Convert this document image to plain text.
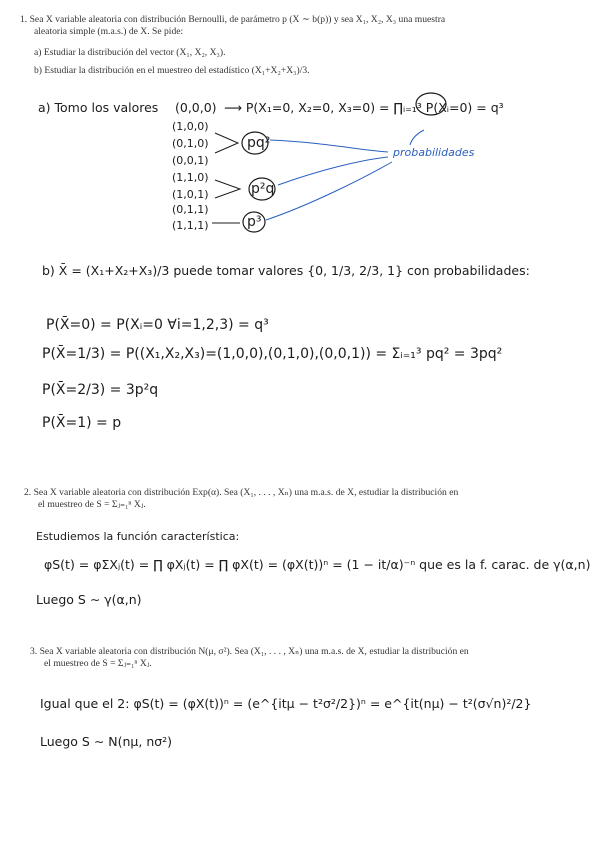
1. Sea X variable aleatoria con distribución Bernoulli, de parámetro p (X ∼ b(p)) y sea X₁, X₂, X₃ una muestra
aleatoria simple (m.a.s.) de X. Se pide:
a) Estudiar la distribución del vector (X₁, X₂, X₃).
b) Estudiar la distribución en el muestreo del estadístico (X₁+X₂+X₃)/3.
a) Tomo los valores (0,0,0) ⟶ P(X₁=0, X₂=0, X₃=0) = ∏ᵢ₌₁³ P(Xᵢ=0) = q³
(1,0,0)
(0,1,0)
(0,0,1)
(1,1,0)
(1,0,1)
(0,1,1)
(1,1,1)
pq²
p²q
p³
probabilidades
b) X̄ = (X₁+X₂+X₃)/3 puede tomar valores {0, 1/3, 2/3, 1} con probabilidades:
P(X̄=0) = P(Xᵢ=0 ∀i=1,2,3) = q³
P(X̄=1/3) = P((X₁,X₂,X₃)=(1,0,0),(0,1,0),(0,0,1)) = Σᵢ₌₁³ pq² = 3pq²
P(X̄=2/3) = 3p²q
P(X̄=1) = p
2. Sea X variable aleatoria con distribución Exp(α). Sea (X₁, . . . , Xₙ) una m.a.s. de X, estudiar la distribución en
el muestreo de S = Σⱼ₌₁ⁿ Xⱼ.
Estudiemos la función característica:
φS(t) = φΣXⱼ(t) = ∏ φXⱼ(t) = ∏ φX(t) = (φX(t))ⁿ = (1 − it/α)⁻ⁿ que es la f. carac. de γ(α,n)
Luego S ∼ γ(α,n)
3. Sea X variable aleatoria con distribución N(μ, σ²). Sea (X₁, . . . , Xₙ) una m.a.s. de X, estudiar la distribución en
el muestreo de S = Σⱼ₌₁ⁿ Xⱼ.
Igual que el 2: φS(t) = (φX(t))ⁿ = (e^{itμ − t²σ²/2})ⁿ = e^{it(nμ) − t²(σ√n)²/2}
Luego S ∼ N(nμ, nσ²)
